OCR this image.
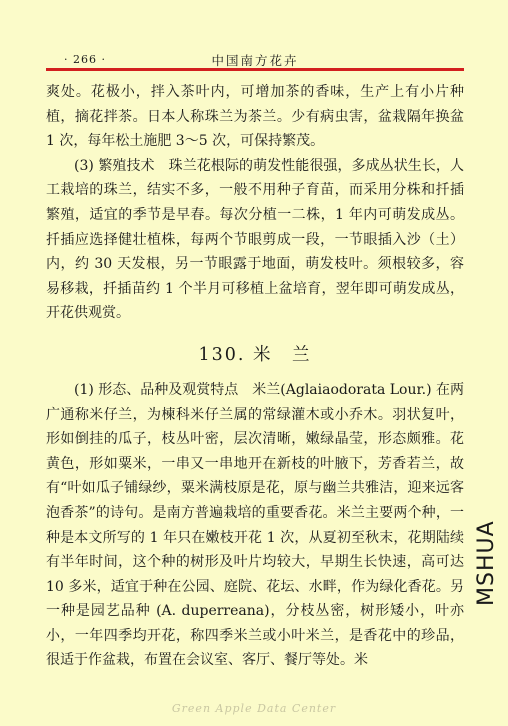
· 266 ·	中国南方花卉

爽处。花极小，拌入茶叶内，可增加茶的香味，生产上有小片种植，摘花拌茶。日本人称珠兰为茶兰。少有病虫害，盆栽隔年换盆 1 次，每年松土施肥 3～5 次，可保持繁茂。

(3) 繁殖技术　珠兰花根际的萌发性能很强，多成丛状生长，人工栽培的珠兰，结实不多，一般不用种子育苗，而采用分株和扦插繁殖，适宜的季节是早春。每次分植一二株，1 年内可萌发成丛。扦插应选择健壮植株，每两个节眼剪成一段，一节眼插入沙（土）内，约 30 天发根，另一节眼露于地面，萌发枝叶。须根较多，容易移栽，扦插苗约 1 个半月可移植上盆培育，翌年即可萌发成丛，开花供观赏。

130. 米　兰

(1) 形态、品种及观赏特点　米兰(Aglaiaodorata Lour.) 在两广通称米仔兰，为楝科米仔兰属的常绿灌木或小乔木。羽状复叶，形如倒挂的瓜子，枝丛叶密，层次清晰，嫩绿晶莹，形态颇雅。花黄色，形如粟米，一串又一串地开在新枝的叶腋下，芳香若兰，故有“叶如瓜子铺绿纱，粟米满枝原是花，原与幽兰共雅洁，迎来远客泡香茶”的诗句。是南方普遍栽培的重要香花。米兰主要两个种，一种是本文所写的 1 年只在嫩枝开花 1 次，从夏初至秋末，花期陆续有半年时间，这个种的树形及叶片均较大，早期生长快速，高可达 10 多米，适宜于种在公园、庭院、花坛、水畔，作为绿化香花。另一种是园艺品种 (A. duperreana)，分枝丛密，树形矮小，叶亦小，一年四季均开花，称四季米兰或小叶米兰，是香花中的珍品，很适于作盆栽，布置在会议室、客厅、餐厅等处。米

MSHUA
Green Apple Data Center
